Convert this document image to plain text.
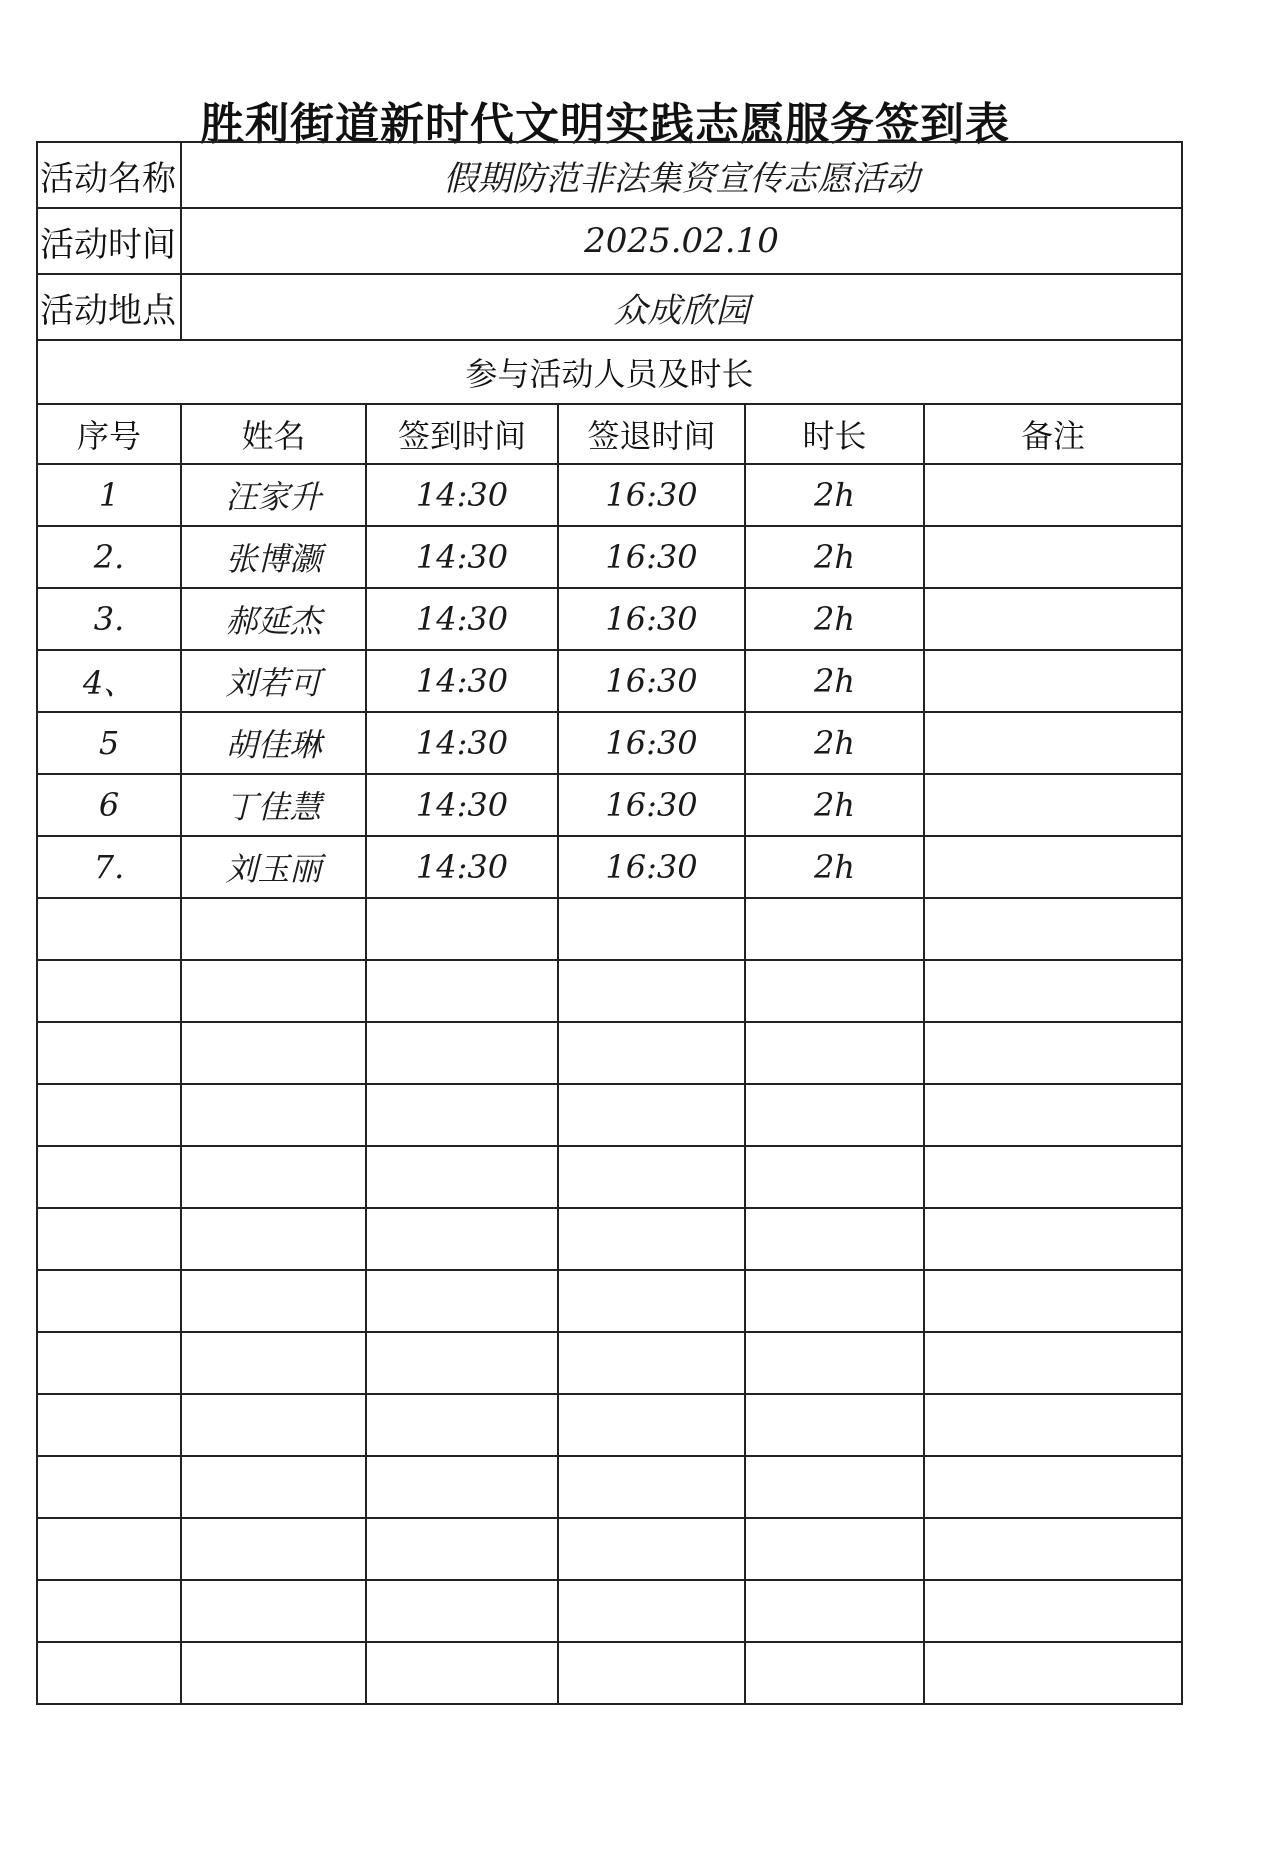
胜利街道新时代文明实践志愿服务签到表
活动名称	假期防范非法集资宣传志愿活动				
活动时间	2025.02.10				
活动地点	众成欣园				
参与活动人员及时长					
序号	姓名	签到时间	签退时间	时长	备注
1	汪家升	14:30	16:30	2h	
2.	张博灏	14:30	16:30	2h	
3.	郝延杰	14:30	16:30	2h	
4、	刘若可	14:30	16:30	2h	
5	胡佳琳	14:30	16:30	2h	
6	丁佳慧	14:30	16:30	2h	
7.	刘玉丽	14:30	16:30	2h	
